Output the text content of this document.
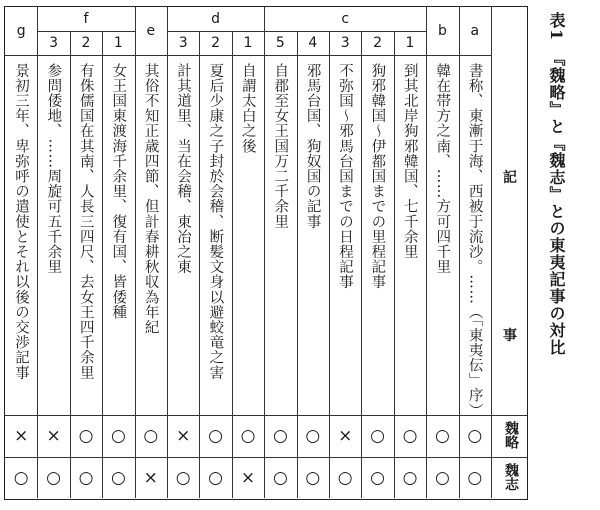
表1　『魏略』と『魏志』との東夷記事の対比
g
f
e
d	c
b	a
景初三年、卑弥呼の遣使とそれ以後の交渉記事
×
○
3
参問倭地、……周旋可五千余里
×
○
2
有侏儒国在其南、人長三四尺、去女王四千余里
○
○
1
女王国東渡海千余里、復有国、皆倭種
○
○
其俗不知正歳四節、但計春耕秋収為年紀
○
×
3
計其道里、当在会稽、東冶之東
×
○
2
夏后少康之子封於会稽、断髪文身以避蛟竜之害
○
○
1
自謂太白之後
○
×
5
自郡至女王国万二千余里
○
○
4
邪馬台国、狗奴国の記事
○
○
3
不弥国〜邪馬台国までの日程記事
×
○
2
狗邪韓国〜伊都国までの里程記事
○
○
1
到其北岸狗邪韓国、七千余里
○
○
韓在帯方之南、……方可四千里
○
○
書称、東漸于海、西被于流沙。……（「東夷伝」序）
○
○
記
事
魏略
魏志
